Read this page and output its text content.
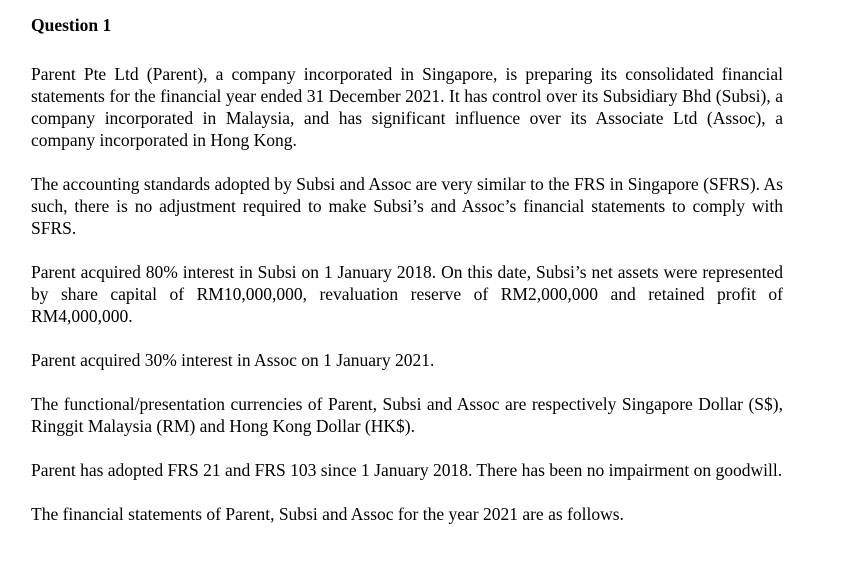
Question 1

Parent Pte Ltd (Parent), a company incorporated in Singapore, is preparing its consolidated financial statements for the financial year ended 31 December 2021. It has control over its Subsidiary Bhd (Subsi), a company incorporated in Malaysia, and has significant influence over its Associate Ltd (Assoc), a company incorporated in Hong Kong.

The accounting standards adopted by Subsi and Assoc are very similar to the FRS in Singapore (SFRS). As such, there is no adjustment required to make Subsi’s and Assoc’s financial statements to comply with SFRS.

Parent acquired 80% interest in Subsi on 1 January 2018. On this date, Subsi’s net assets were represented by share capital of RM10,000,000, revaluation reserve of RM2,000,000 and retained profit of RM4,000,000.

Parent acquired 30% interest in Assoc on 1 January 2021.

The functional/presentation currencies of Parent, Subsi and Assoc are respectively Singapore Dollar (S$), Ringgit Malaysia (RM) and Hong Kong Dollar (HK$).

Parent has adopted FRS 21 and FRS 103 since 1 January 2018. There has been no impairment on goodwill.

The financial statements of Parent, Subsi and Assoc for the year 2021 are as follows.
